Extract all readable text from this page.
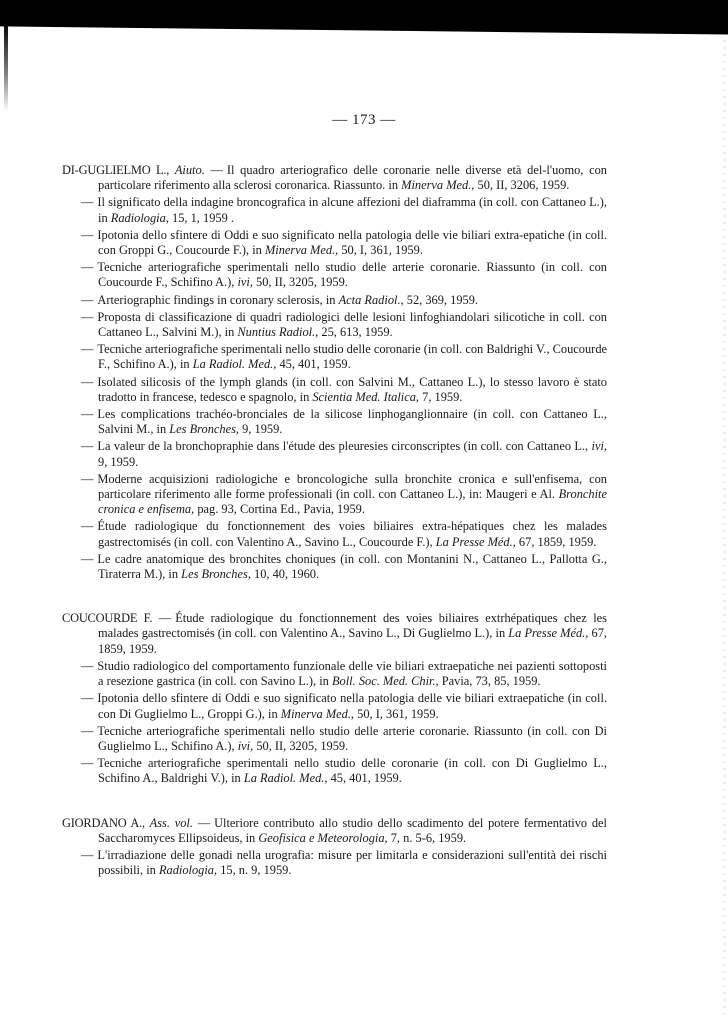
— 173 —
DI-GUGLIELMO L., Aiuto. — Il quadro arteriografico delle coronarie nelle diverse età del-l'uomo, con particolare riferimento alla sclerosi coronarica. Riassunto. in Minerva Med., 50, II, 3206, 1959.
— Il significato della indagine broncografica in alcune affezioni del diaframma (in coll. con Cattaneo L.), in Radiologia, 15, 1, 1959 .
— Ipotonia dello sfintere di Oddi e suo significato nella patologia delle vie biliari extra-epatiche (in coll. con Groppi G., Coucourde F.), in Minerva Med., 50, I, 361, 1959.
— Tecniche arteriografiche sperimentali nello studio delle arterie coronarie. Riassunto (in coll. con Coucourde F., Schifino A.), ivi, 50, II, 3205, 1959.
— Arteriographic findings in coronary sclerosis, in Acta Radiol., 52, 369, 1959.
— Proposta di classificazione di quadri radiologici delle lesioni linfoghiandolari silicotiche in coll. con Cattaneo L., Salvini M.), in Nuntius Radiol., 25, 613, 1959.
— Tecniche arteriografiche sperimentali nello studio delle coronarie (in coll. con Baldrighi V., Coucourde F., Schifino A.), in La Radiol. Med., 45, 401, 1959.
— Isolated silicosis of the lymph glands (in coll. con Salvini M., Cattaneo L.), lo stesso lavoro è stato tradotto in francese, tedesco e spagnolo, in Scientia Med. Italica, 7, 1959.
— Les complications trachéo-bronciales de la silicose linphoganglionnaire (in coll. con Cattaneo L., Salvini M., in Les Bronches, 9, 1959.
— La valeur de la bronchopraphie dans l'étude des pleuresies circonscriptes (in coll. con Cattaneo L., ivi, 9, 1959.
— Moderne acquisizioni radiologiche e broncologiche sulla bronchite cronica e sull'enfisema, con particolare riferimento alle forme professionali (in coll. con Cattaneo L.), in: Maugeri e Al. Bronchite cronica e enfisema, pag. 93, Cortina Ed., Pavia, 1959.
— Étude radiologique du fonctionnement des voies biliaires extra-hépatiques chez les malades gastrectomisés (in coll. con Valentino A., Savino L., Coucourde F.), La Presse Méd., 67, 1859, 1959.
— Le cadre anatomique des bronchites choniques (in coll. con Montanini N., Cattaneo L., Pallotta G., Tiraterra M.), in Les Bronches, 10, 40, 1960.
COUCOURDE F. — Étude radiologique du fonctionnement des voies biliaires extrhépatiques chez les malades gastrectomisés (in coll. con Valentino A., Savino L., Di Guglielmo L.), in La Presse Méd., 67, 1859, 1959.
— Studio radiologico del comportamento funzionale delle vie biliari extraepatiche nei pazienti sottoposti a resezione gastrica (in coll. con Savino L.), in Boll. Soc. Med. Chir., Pavia, 73, 85, 1959.
— Ipotonia dello sfintere di Oddi e suo significato nella patologia delle vie biliari extraepatiche (in coll. con Di Guglielmo L., Groppi G.), in Minerva Med., 50, I, 361, 1959.
— Tecniche arteriografiche sperimentali nello studio delle arterie coronarie. Riassunto (in coll. con Di Guglielmo L., Schifino A.), ivi, 50, II, 3205, 1959.
— Tecniche arteriografiche sperimentali nello studio delle coronarie (in coll. con Di Guglielmo L., Schifino A., Baldrighi V.), in La Radiol. Med., 45, 401, 1959.
GIORDANO A., Ass. vol. — Ulteriore contributo allo studio dello scadimento del potere fermentativo del Saccharomyces Ellipsoideus, in Geofisica e Meteorologia, 7, n. 5-6, 1959.
— L'irradiazione delle gonadi nella urografia: misure per limitarla e considerazioni sull'entità dei rischi possibili, in Radiologia, 15, n. 9, 1959.
